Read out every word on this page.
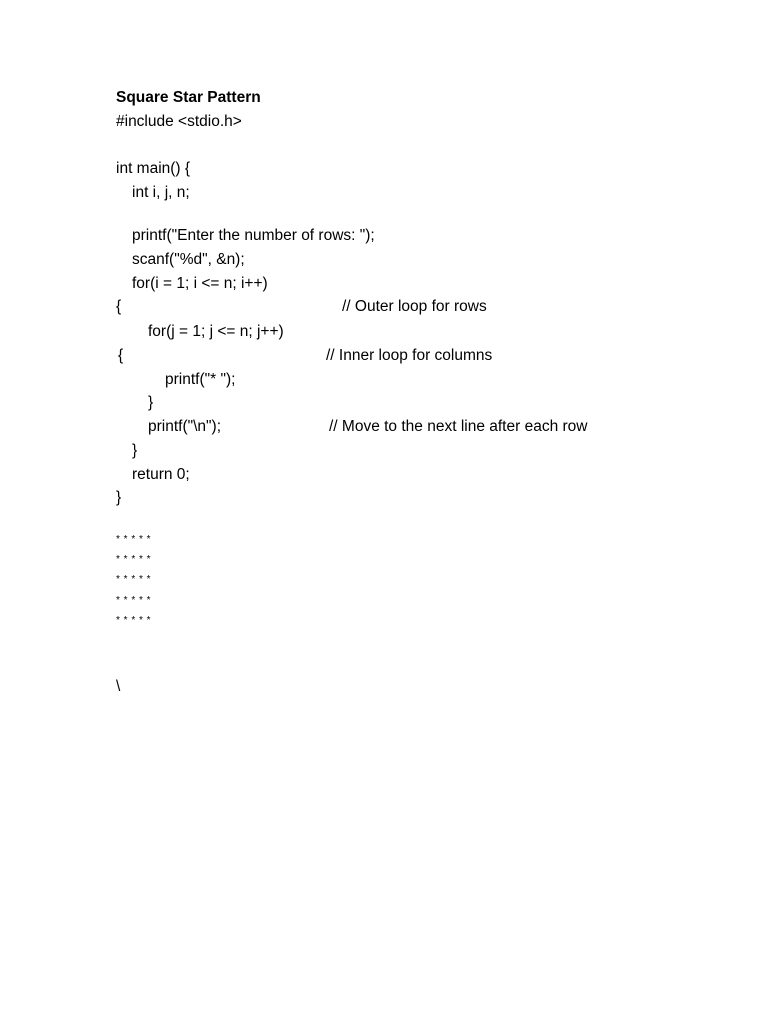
Square Star Pattern
#include <stdio.h>
int main() {
int i, j, n;
printf("Enter the number of rows: ");
scanf("%d", &n);
for(i = 1; i <= n; i++)
{	// Outer loop for rows
for(j = 1; j <= n; j++)
{	// Inner loop for columns
printf("* ");
}
printf("\n");	// Move to the next line after each row
}
return 0;
}
* * * * *
* * * * *
* * * * *
* * * * *
* * * * *
\
